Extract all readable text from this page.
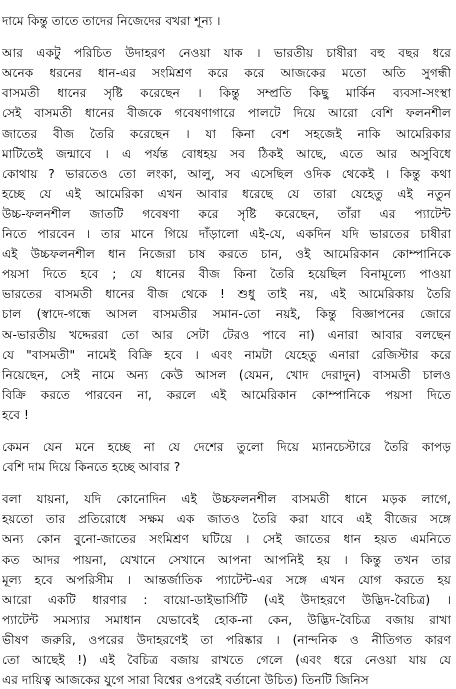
দামে কিন্তু তাতে তাদের নিজেদের বখরা শূন্য ।
আর একটু পরিচিত উদাহরণ নেওয়া যাক । ভারতীয় চাষীরা বহু বছর ধরে
অনেক ধরনের ধান-এর সংমিশ্রণ করে করে আজকের মতো অতি সুগন্ধী
বাসমতী ধানের সৃষ্টি করেছেন । কিন্তু সম্প্রতি কিছু মার্কিন ব্যবসা-সংস্থা
সেই বাসমতী ধানের বীজকে গবেষণাগারে পালটে দিয়ে আরো বেশি ফলনশীল
জাতের বীজ তৈরি করেছেন । যা কিনা বেশ সহজেই নাকি আমেরিকার
মাটিতেই জন্মাবে । এ পর্যন্ত বোধহয় সব ঠিকই আছে, এতে আর অসুবিধে
কোথায় ? ভারতেও তো লংকা, আলু, সব এসেছিল ওদিক থেকেই । কিন্তু কথা
হচ্ছে যে এই আমেরিকা এখন আবার ধরেছে যে তারা যেহেতু এই নতুন
উচ্চ-ফলনশীল জাতটি গবেষণা করে সৃষ্টি করেছেন, তাঁরা এর প্যাটেন্ট
নিতে পারবেন । তার মানে গিয়ে দাঁড়ালো এই-যে, একদিন যদি ভারতের চাষীরা
এই উচ্চফলনশীল ধান নিজেরা চাষ করতে চান, ওই আমেরিকান কোম্পানিকে
পয়সা দিতে হবে ; যে ধানের বীজ কিনা তৈরি হয়েছিল বিনামূল্যে পাওয়া
ভারতের বাসমতী ধানের বীজ থেকে ! শুধু তাই নয়, এই আমেরিকায় তৈরি
চাল (স্বাদে-গন্ধে আসল বাসমতীর সমান-তো নয়ই, কিন্তু বিজ্ঞাপনের জোরে
অ-ভারতীয় খদ্দেররা তো আর সেটা টেরও পাবে না) এনারা আবার বলছেন
যে "বাসমতী" নামেই বিক্রি হবে । এবং নামটা যেহেতু এনারা রেজিস্টার করে
নিয়েছেন, সেই নামে অন্য কেউ আসল (যেমন, খোদ দেরাদুন) বাসমতী চালও
বিক্রি করতে পারবেন না, করলে এই আমেরিকান কোম্পানিকে পয়সা দিতে
হবে !
কেমন যেন মনে হচ্ছে না যে দেশের তুলো দিয়ে ম্যানচেস্টারে তৈরি কাপড়
বেশি দাম দিয়ে কিনতে হচ্ছে আবার ?
বলা যায়না, যদি কোনোদিন এই উচ্চফলনশীল বাসমতী ধানে মড়ক লাগে,
হয়তো তার প্রতিরোধে সক্ষম এক জাতও তৈরি করা যাবে এই বীজের সঙ্গে
অন্য কোন বুনো-জাতের সংমিশ্রণ ঘটিয়ে । সেই জাতের ধান হয়ত এমনিতে
কত আদর পায়না, যেখানে সেখানে আপনা আপনিই হয় । কিন্তু তখন তার
মূল্য হবে অপরিসীম । আন্তর্জাতিক প্যাটেন্ট-এর সঙ্গে এখন যোগ করতে হয়
আরো একটি ধারণার : বায়ো-ডাইভার্সিটি (এই উদাহরণে উদ্ভিদ-বৈচিত্র) ।
প্যাটেন্ট সমস্যার সমাধান যেভাবেই হোক-না কেন, উদ্ভিদ-বৈচিত্র বজায় রাখা
ভীষণ জরুরি, ওপরের উদাহরণেই তা পরিষ্কার । (নান্দনিক ও নীতিগত কারণ
তো আছেই !) এই বৈচিত্র বজায় রাখতে গেলে (এবং ধরে নেওয়া যায় যে
এর দায়িত্ব আজকের যুগে সারা বিশ্বের ওপরেই বর্তানো উচিত) তিনটি জিনিস
